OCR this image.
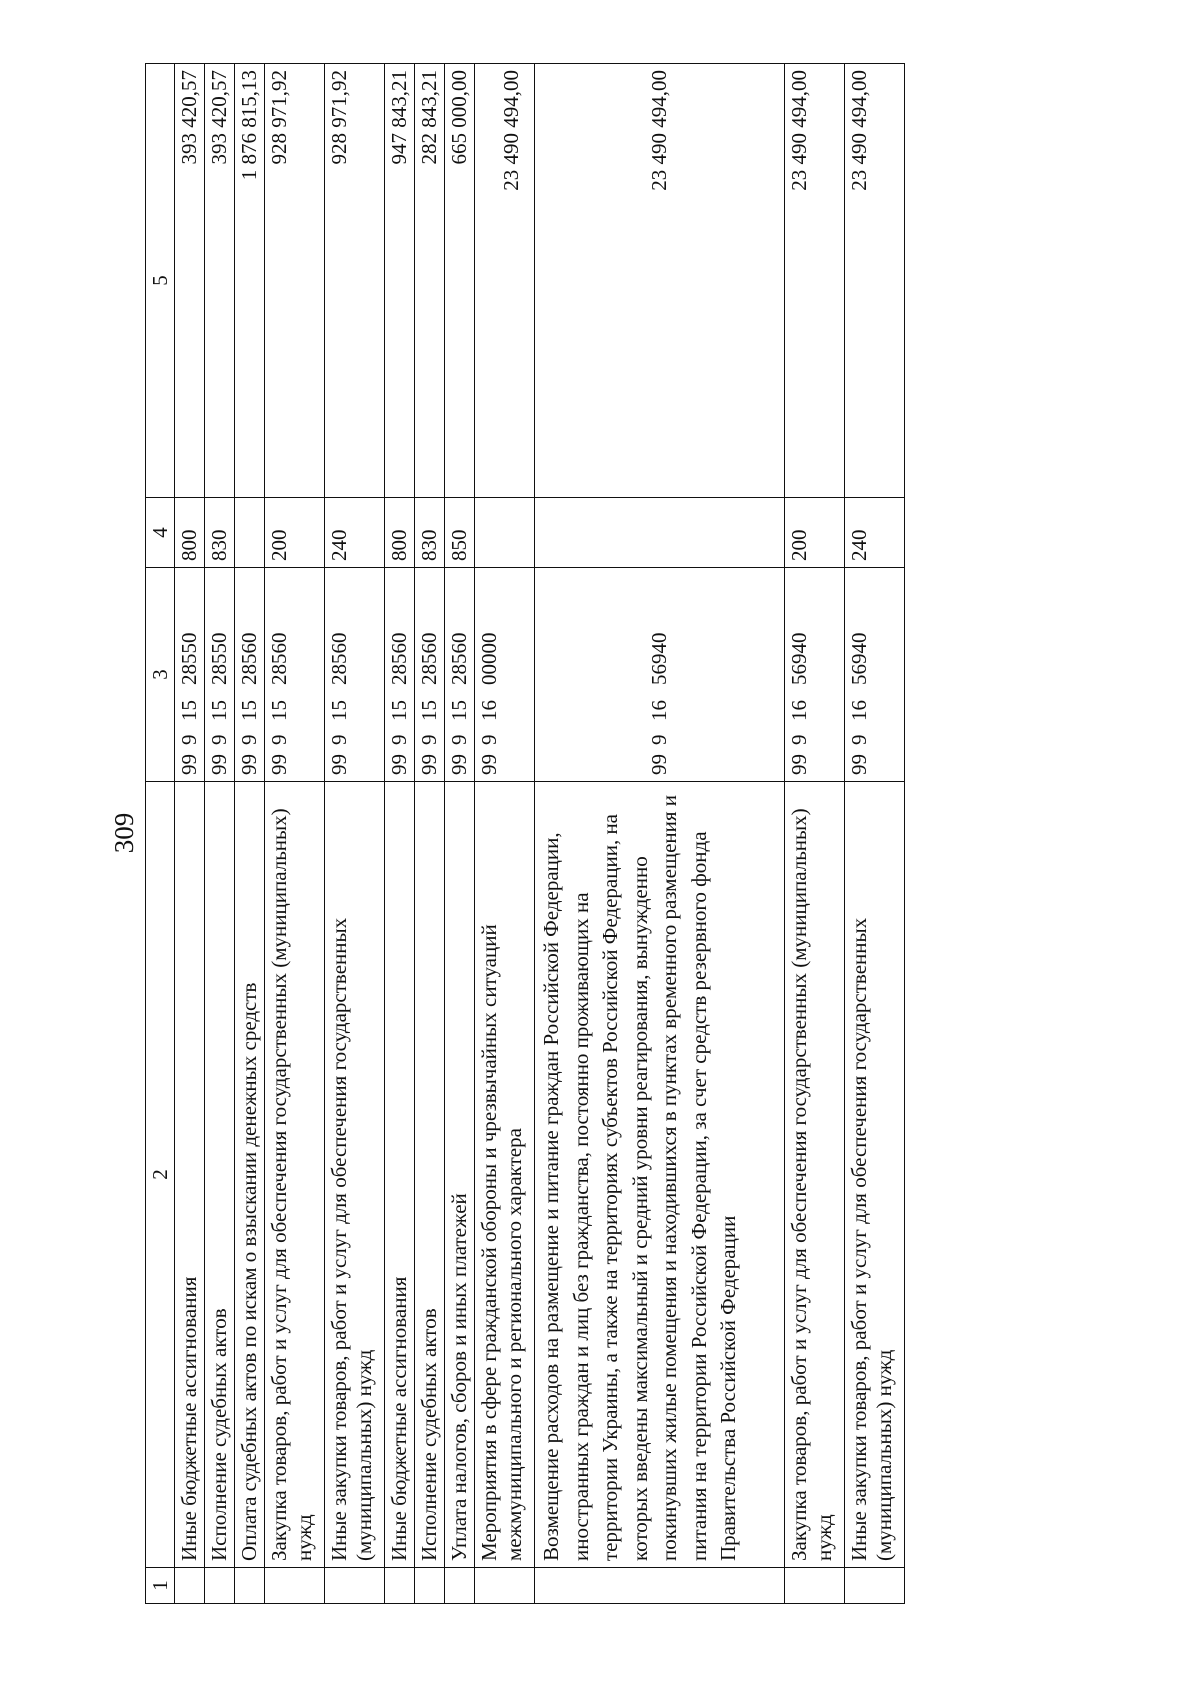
309
1	2	3	4	5
	Иные бюджетные ассигнования	9991528550	800	393 420,57
	Исполнение судебных актов	9991528550	830	393 420,57
	Оплата судебных актов по искам о взыскании денежных средств	9991528560		1 876 815,13
	Закупка товаров, работ и услуг для обеспечения государственных (муниципальных) нужд	9991528560	200	928 971,92
	Иные закупки товаров, работ и услуг для обеспечения государственных (муниципальных) нужд	9991528560	240	928 971,92
	Иные бюджетные ассигнования	9991528560	800	947 843,21
	Исполнение судебных актов	9991528560	830	282 843,21
	Уплата налогов, сборов и иных платежей	9991528560	850	665 000,00
	Мероприятия в сфере гражданской обороны и чрезвычайных ситуаций межмуниципального и регионального характера	9991600000		23 490 494,00
	Возмещение расходов на размещение и питание граждан Российской Федерации, иностранных граждан и лиц без гражданства, постоянно проживающих на территории Украины, а также на территориях субъектов Российской Федерации, на которых введены максимальный и средний уровни реагирования, вынужденно покинувших жилые помещения и находившихся в пунктах временного размещения и питания на территории Российской Федерации, за счет средств резервного фонда Правительства Российской Федерации	9991656940		23 490 494,00
	Закупка товаров, работ и услуг для обеспечения государственных (муниципальных) нужд	9991656940	200	23 490 494,00
	Иные закупки товаров, работ и услуг для обеспечения государственных (муниципальных) нужд	9991656940	240	23 490 494,00
